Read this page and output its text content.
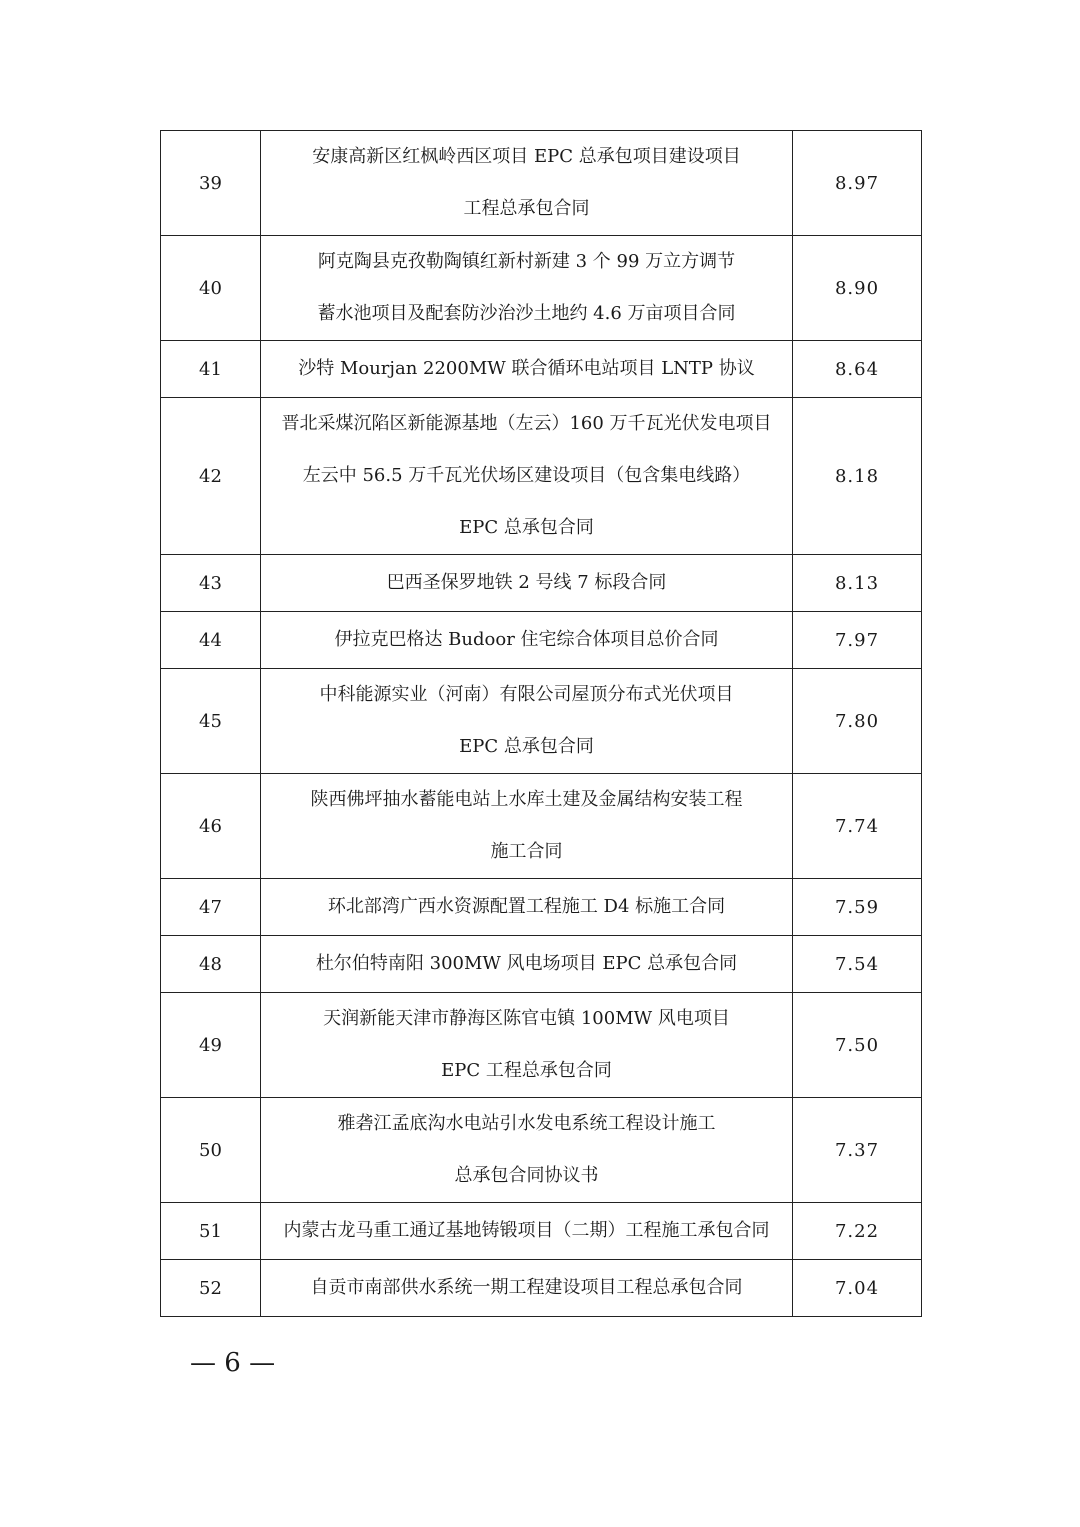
39	安康高新区红枫岭西区项目 EPC 总承包项目建设项目
工程总承包合同	8.97
40	阿克陶县克孜勒陶镇红新村新建 3 个 99 万立方调节
蓄水池项目及配套防沙治沙土地约 4.6 万亩项目合同	8.90
41	沙特 Mourjan 2200MW 联合循环电站项目 LNTP 协议	8.64
42	晋北采煤沉陷区新能源基地（左云）160 万千瓦光伏发电项目
左云中 56.5 万千瓦光伏场区建设项目（包含集电线路）
EPC 总承包合同	8.18
43	巴西圣保罗地铁 2 号线 7 标段合同	8.13
44	伊拉克巴格达 Budoor 住宅综合体项目总价合同	7.97
45	中科能源实业（河南）有限公司屋顶分布式光伏项目
EPC 总承包合同	7.80
46	陕西佛坪抽水蓄能电站上水库土建及金属结构安装工程
施工合同	7.74
47	环北部湾广西水资源配置工程施工 D4 标施工合同	7.59
48	杜尔伯特南阳 300MW 风电场项目 EPC 总承包合同	7.54
49	天润新能天津市静海区陈官屯镇 100MW 风电项目
EPC 工程总承包合同	7.50
50	雅砻江孟底沟水电站引水发电系统工程设计施工
总承包合同协议书	7.37
51	内蒙古龙马重工通辽基地铸锻项目（二期）工程施工承包合同	7.22
52	自贡市南部供水系统一期工程建设项目工程总承包合同	7.04
— 6 —
